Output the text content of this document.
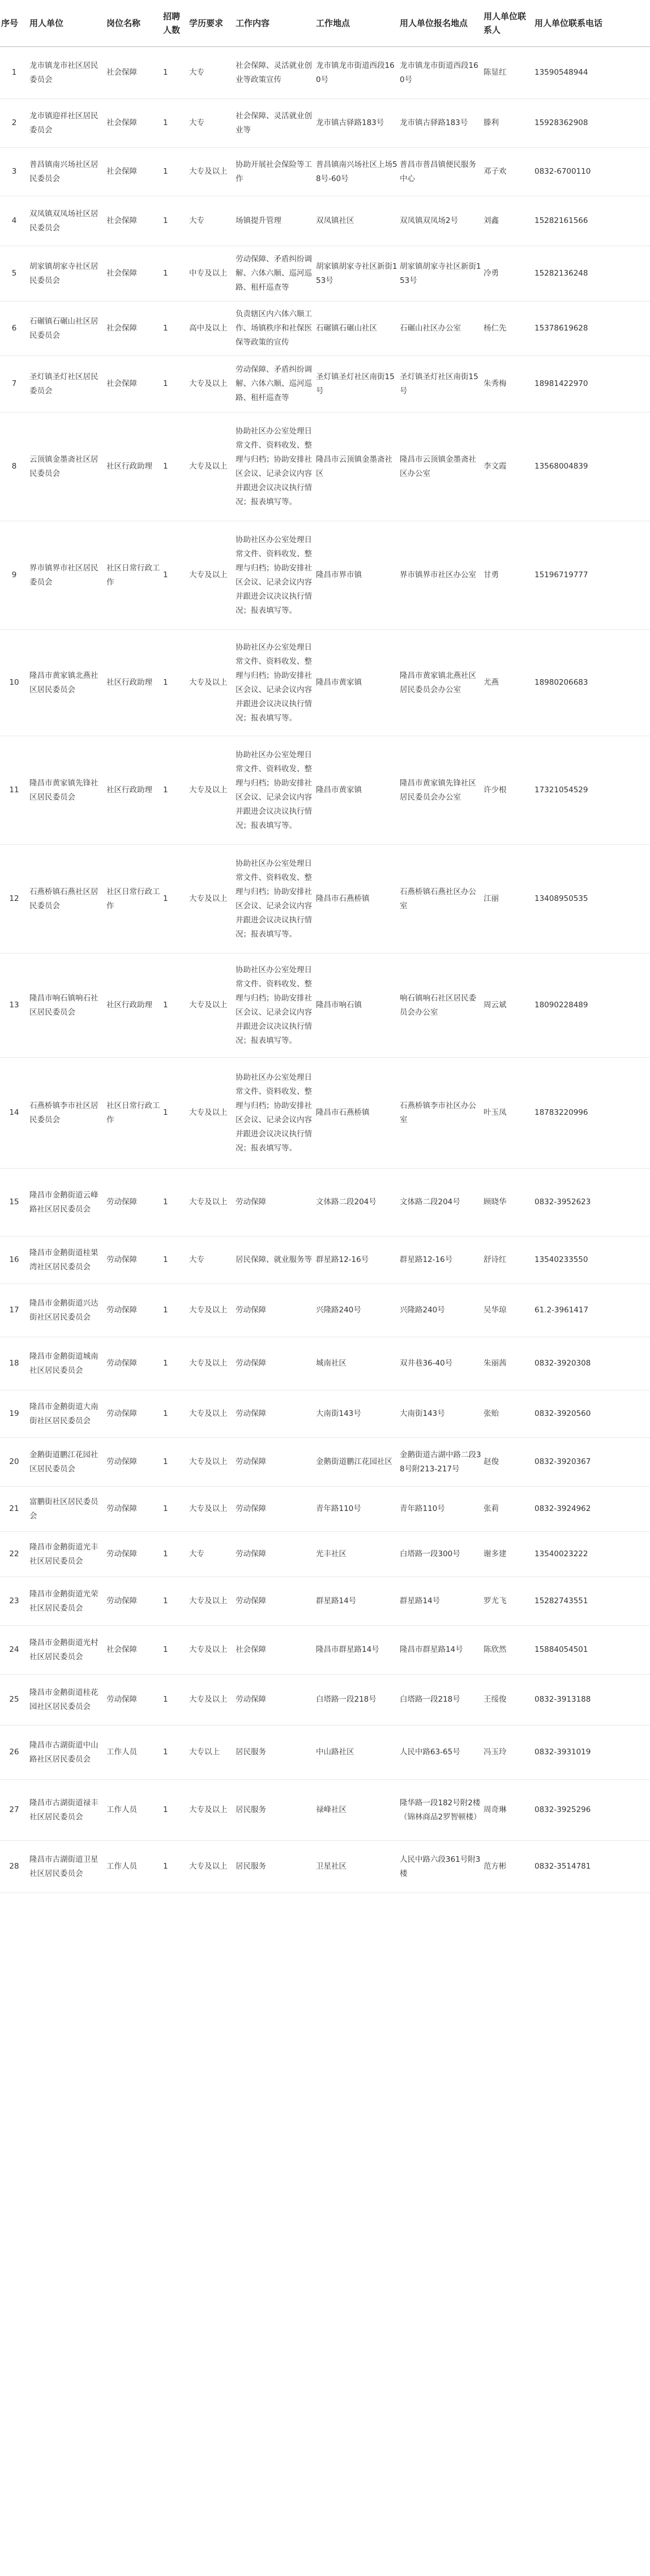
序号	用人单位	岗位名称	招聘人数	学历要求	工作内容	工作地点	用人单位报名地点	用人单位联系人	用人单位联系电话
1	龙市镇龙市社区居民委员会	社会保障	1	大专	社会保障、灵活就业创业等政策宣传	龙市镇龙市街道西段160号	龙市镇龙市街道西段160号	陈显红	13590548944
2	龙市镇迎祥社区居民委员会	社会保障	1	大专	社会保障、灵活就业创业等	龙市镇古驿路183号	龙市镇古驿路183号	滕利	15928362908
3	普昌镇南兴场社区居民委员会	社会保障	1	大专及以上	协助开展社会保险等工作	普昌镇南兴场社区上场58号-60号	普昌市普昌镇便民服务中心	邓子欢	0832-6700110
4	双凤镇双凤场社区居民委员会	社会保障	1	大专	场镇提升管理	双凤镇社区	双凤镇双凤场2号	刘鑫	15282161566
5	胡家镇胡家寺社区居民委员会	社会保障	1	中专及以上	劳动保障、矛盾纠纷调解、六体六顺、巡河巡路、租杆巡查等	胡家镇胡家寺社区新街153号	胡家镇胡家寺社区新街153号	冷勇	15282136248
6	石碾镇石碾山社区居民委员会	社会保障	1	高中及以上	负责辖区内六体六顺工作、场镇秩序和社保医保等政策的宣传	石碾镇石碾山社区	石碾山社区办公室	杨仁先	15378619628
7	圣灯镇圣灯社区居民委员会	社会保障	1	大专及以上	劳动保障、矛盾纠纷调解、六体六顺、巡河巡路、租杆巡查等	圣灯镇圣灯社区南街15号	圣灯镇圣灯社区南街15号	朱秀梅	18981422970
8	云顶镇金墨斋社区居民委员会	社区行政助理	1	大专及以上	协助社区办公室处理日常文件、资料收发、整理与归档；协助安排社区会议、记录会议内容并跟进会议决议执行情况；报表填写等。	隆昌市云顶镇金墨斋社区	隆昌市云顶镇金墨斋社区办公室	李文霞	13568004839
9	界市镇界市社区居民委员会	社区日常行政工作	1	大专及以上	协助社区办公室处理日常文件、资料收发、整理与归档；协助安排社区会议、记录会议内容并跟进会议决议执行情况；报表填写等。	隆昌市界市镇	界市镇界市社区办公室	甘勇	15196719777
10	隆昌市黄家镇北燕社区居民委员会	社区行政助理	1	大专及以上	协助社区办公室处理日常文件、资料收发、整理与归档；协助安排社区会议、记录会议内容并跟进会议决议执行情况；报表填写等。	隆昌市黄家镇	隆昌市黄家镇北燕社区居民委员会办公室	尤燕	18980206683
11	隆昌市黄家镇先锋社区居民委员会	社区行政助理	1	大专及以上	协助社区办公室处理日常文件、资料收发、整理与归档；协助安排社区会议、记录会议内容并跟进会议决议执行情况；报表填写等。	隆昌市黄家镇	隆昌市黄家镇先锋社区居民委员会办公室	许少根	17321054529
12	石燕桥镇石燕社区居民委员会	社区日常行政工作	1	大专及以上	协助社区办公室处理日常文件、资料收发、整理与归档；协助安排社区会议、记录会议内容并跟进会议决议执行情况；报表填写等。	隆昌市石燕桥镇	石燕桥镇石燕社区办公室	江丽	13408950535
13	隆昌市响石镇响石社区居民委员会	社区行政助理	1	大专及以上	协助社区办公室处理日常文件、资料收发、整理与归档；协助安排社区会议、记录会议内容并跟进会议决议执行情况；报表填写等。	隆昌市响石镇	响石镇响石社区居民委员会办公室	周云斌	18090228489
14	石燕桥镇李市社区居民委员会	社区日常行政工作	1	大专及以上	协助社区办公室处理日常文件、资料收发、整理与归档；协助安排社区会议、记录会议内容并跟进会议决议执行情况；报表填写等。	隆昌市石燕桥镇	石燕桥镇李市社区办公室	叶玉凤	18783220996
15	隆昌市金鹅街道云峰路社区居民委员会	劳动保障	1	大专及以上	劳动保障	文体路二段204号	文体路二段204号	顾晓华	0832-3952623
16	隆昌市金鹅街道桂果湾社区居民委员会	劳动保障	1	大专	居民保障、就业服务等	群星路12-16号	群星路12-16号	舒诗红	13540233550
17	隆昌市金鹅街道兴达街社区居民委员会	劳动保障	1	大专及以上	劳动保障	兴隆路240号	兴隆路240号	吴华琼	61.2-3961417
18	隆昌市金鹅街道城南社区居民委员会	劳动保障	1	大专及以上	劳动保障	城南社区	双井巷36-40号	朱丽茜	0832-3920308
19	隆昌市金鹅街道大南街社区居民委员会	劳动保障	1	大专及以上	劳动保障	大南街143号	大南街143号	张贻	0832-3920560
20	金鹅街道鹏江花园社区居民委员会	劳动保障	1	大专及以上	劳动保障	金鹅街道鹏江花园社区	金鹅街道古湖中路二段38号附213-217号	赵俊	0832-3920367
21	富鹏街社区居民委员会	劳动保障	1	大专及以上	劳动保障	青年路110号	青年路110号	张莉	0832-3924962
22	隆昌市金鹅街道光丰社区居民委员会	劳动保障	1	大专	劳动保障	光丰社区	白塔路一段300号	谢多建	13540023222
23	隆昌市金鹅街道光荣社区居民委员会	劳动保障	1	大专及以上	劳动保障	群星路14号	群星路14号	罗尤飞	15282743551
24	隆昌市金鹅街道光村社区居民委员会	社会保障	1	大专及以上	社会保障	隆昌市群星路14号	隆昌市群星路14号	陈欣然	15884054501
25	隆昌市金鹅街道桂花园社区居民委员会	劳动保障	1	大专及以上	劳动保障	白塔路一段218号	白塔路一段218号	王绥俊	0832-3913188
26	隆昌市古湖街道中山路社区居民委员会	工作人员	1	大专以上	居民服务	中山路社区	人民中路63-65号	冯玉玲	0832-3931019
27	隆昌市古湖街道禄丰社区居民委员会	工作人员	1	大专及以上	居民服务	禄峰社区	隆华路一段182号附2楼（锦林商品2罗智顿楼）	周奇琳	0832-3925296
28	隆昌市古湖街道卫星社区居民委员会	工作人员	1	大专及以上	居民服务	卫星社区	人民中路六段361号附3楼	范方彬	0832-3514781
